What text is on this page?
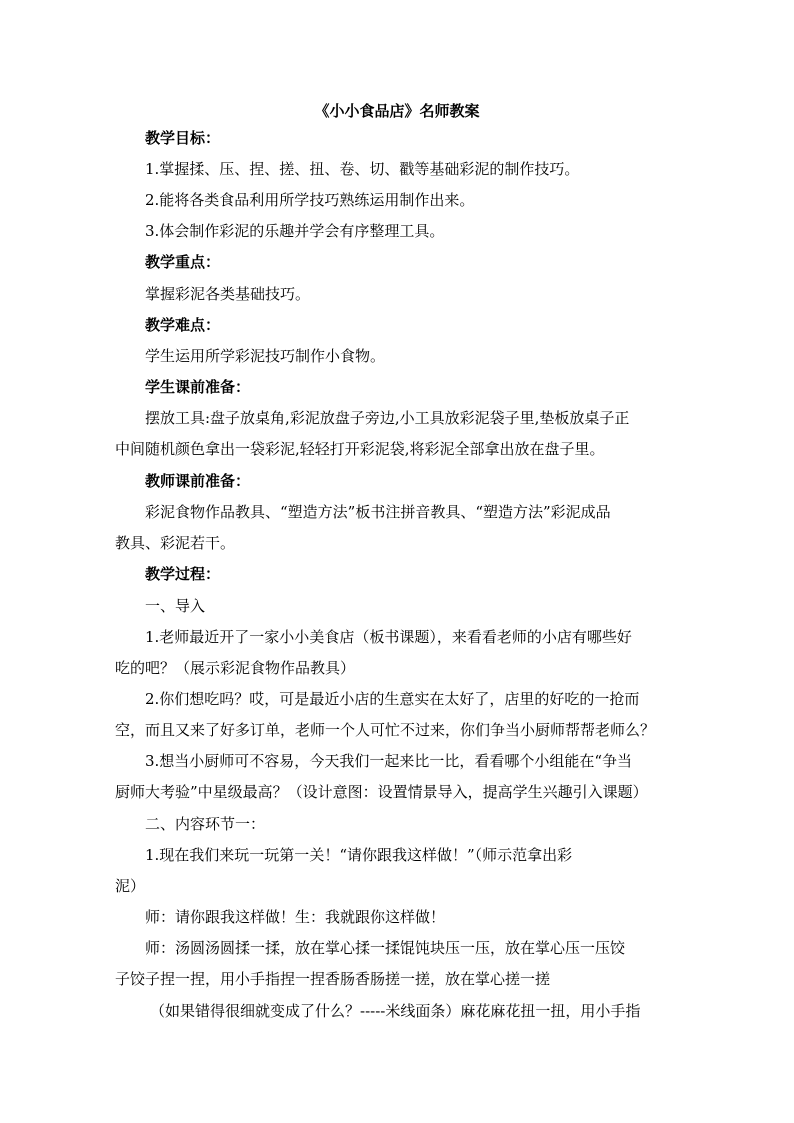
《小小食品店》名师教案
教学目标：
1.掌握揉、压、捏、搓、扭、卷、切、戳等基础彩泥的制作技巧。
2.能将各类食品利用所学技巧熟练运用制作出来。
3.体会制作彩泥的乐趣并学会有序整理工具。
教学重点：
掌握彩泥各类基础技巧。
教学难点：
学生运用所学彩泥技巧制作小食物。
学生课前准备：
摆放工具:盘子放桌角,彩泥放盘子旁边,小工具放彩泥袋子里,垫板放桌子正
中间随机颜色拿出一袋彩泥,轻轻打开彩泥袋,将彩泥全部拿出放在盘子里。
教师课前准备：
彩泥食物作品教具、“塑造方法”板书注拼音教具、“塑造方法”彩泥成品
教具、彩泥若干。
教学过程：
一、导入
1.老师最近开了一家小小美食店（板书课题），来看看老师的小店有哪些好
吃的吧？（展示彩泥食物作品教具）
2.你们想吃吗？哎，可是最近小店的生意实在太好了，店里的好吃的一抢而
空，而且又来了好多订单，老师一个人可忙不过来，你们争当小厨师帮帮老师么？
3.想当小厨师可不容易，今天我们一起来比一比，看看哪个小组能在“争当
厨师大考验”中星级最高？（设计意图：设置情景导入，提高学生兴趣引入课题）
二、内容环节一：
1.现在我们来玩一玩第一关！“请你跟我这样做！”（师示范拿出彩
泥）
师：请你跟我这样做！生：我就跟你这样做！
师：汤圆汤圆揉一揉，放在掌心揉一揉馄饨块压一压，放在掌心压一压饺
子饺子捏一捏，用小手指捏一捏香肠香肠搓一搓，放在掌心搓一搓
（如果错得很细就变成了什么？-----米线面条）麻花麻花扭一扭，用小手指
